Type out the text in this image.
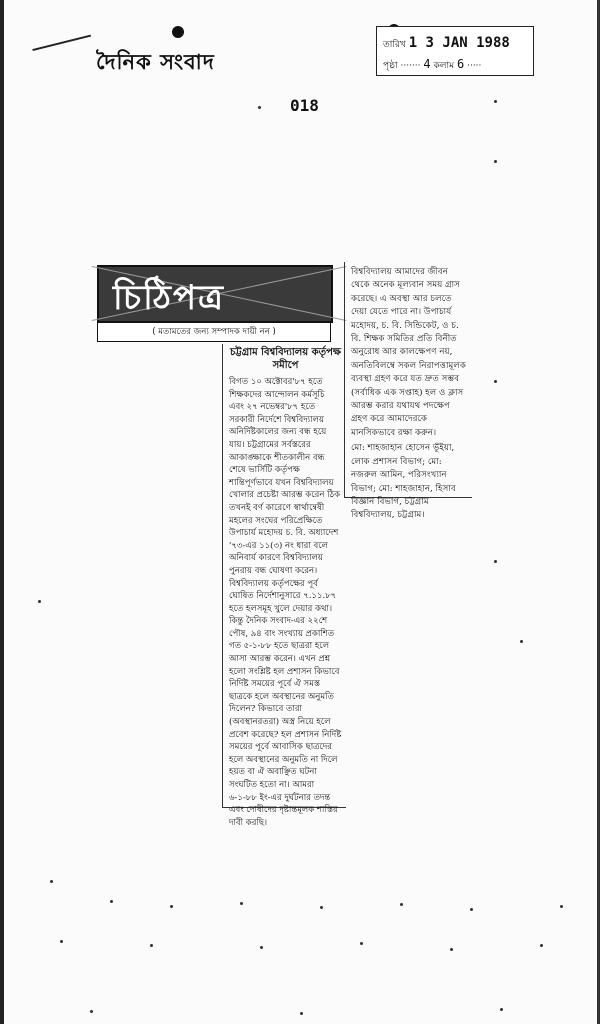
দৈনিক সংবাদ
তারিখ 1 3 JAN 1988
পৃষ্ঠা ······· 4 কলাম 6 ·····
018
চিঠিপত্র
( মতামতের জন্য সম্পাদক দায়ী নন )

বিশ্ববিদ্যালয় আমাদের জীবন থেকে অনেক মূল্যবান সময় গ্রাস করেছে। এ অবস্থা আর চলতে দেয়া যেতে পারে না। উপাচার্য মহোদয়, চ. বি. সিন্ডিকেট, ও চ. বি. শিক্ষক সমিতির প্রতি বিনীত অনুরোধ আর কালক্ষেপণ নয়, অনতিবিলম্বে সকল নিরাপত্তামূলক ব্যবস্থা গ্রহণ করে যত দ্রুত সম্ভব (সর্বাধিক এক সপ্তাহ) হল ও ক্লাস আরম্ভ করার যথাযথ পদক্ষেপ গ্রহণ করে আমাদেরকে মানসিকভাবে রক্ষা করুন।

মো: শাহজাহান হোসেন ভূঁইয়া, লোক প্রশাসন বিভাগ; মো: নজরুল আমিন, পরিসংখ্যান বিভাগ; মো: শাহজাহান, হিসাব বিজ্ঞান বিভাগ, চট্টগ্রাম বিশ্ববিদ্যালয়, চট্টগ্রাম।

চট্টগ্রাম বিশ্ববিদ্যালয় কর্তৃপক্ষ সমীপে

বিগত ১০ অক্টোবর'৮৭ হতে শিক্ষকদের আন্দোলন কর্মসূচি এবং ২৭ নভেম্বর'৮৭ হতে সরকারী নির্দেশে বিশ্ববিদ্যালয় অনির্দিষ্টকালের জন্য বন্ধ হয়ে যায়। চট্টগ্রামের সর্বস্তরের আকাঙ্ক্ষাকে শীতকালীন বন্ধ শেষে ভার্সিটি কর্তৃপক্ষ শান্তিপূর্ণভাবে যখন বিশ্ববিদ্যালয় খোলার প্রচেষ্টা আরম্ভ করেন ঠিক তখনই বর্ণ কারেণে স্বার্থান্বেষী মহলের সংঘের পরিপ্রেক্ষিতে উপাচার্য মহোদয় চ. বি. অধ্যাদেশ '৭৩-এর ১১(৩) নং ধারা বলে অনিবার্য কারণে বিশ্ববিদ্যালয় পুনরায় বন্ধ ঘোষণা করেন। বিশ্ববিদ্যালয় কর্তৃপক্ষের পূর্ব ঘোষিত নির্দেশানুসারে ৭.১১.৮৭ হতে হলসমূহ খুলে দেয়ার কথা। কিন্তু দৈনিক সংবাদ-এর ২২শে পৌষ, ৯৪ বাং সংখ্যায় প্রকাশিত গত ৫-১-৮৮ হতে ছাত্ররা হলে আসা আরম্ভ করেন। এখন প্রশ্ন হলো সংশ্লিষ্ট হল প্রশাসন কিভাবে নির্দিষ্ট সময়ের পূর্বে ঐ সমস্ত ছাত্রকে হলে অবস্থানের অনুমতি দিলেন? কিভাবে তারা (অবস্থানরতরা) অস্ত্র নিয়ে হলে প্রবেশ করেছে? হল প্রশাসন নির্দিষ্ট সময়ের পূর্বে আবাসিক ছাত্রদের হলে অবস্থানের অনুমতি না দিলে হয়ত বা ঐ অবাঞ্ছিত ঘটনা সংঘটিত হতো না। আমরা ৬-১-৮৮ ইং-এর দুর্ঘটনার তদন্ত এবং দোষীদের দৃষ্টান্তমূলক শাস্তির দাবী করছি।
